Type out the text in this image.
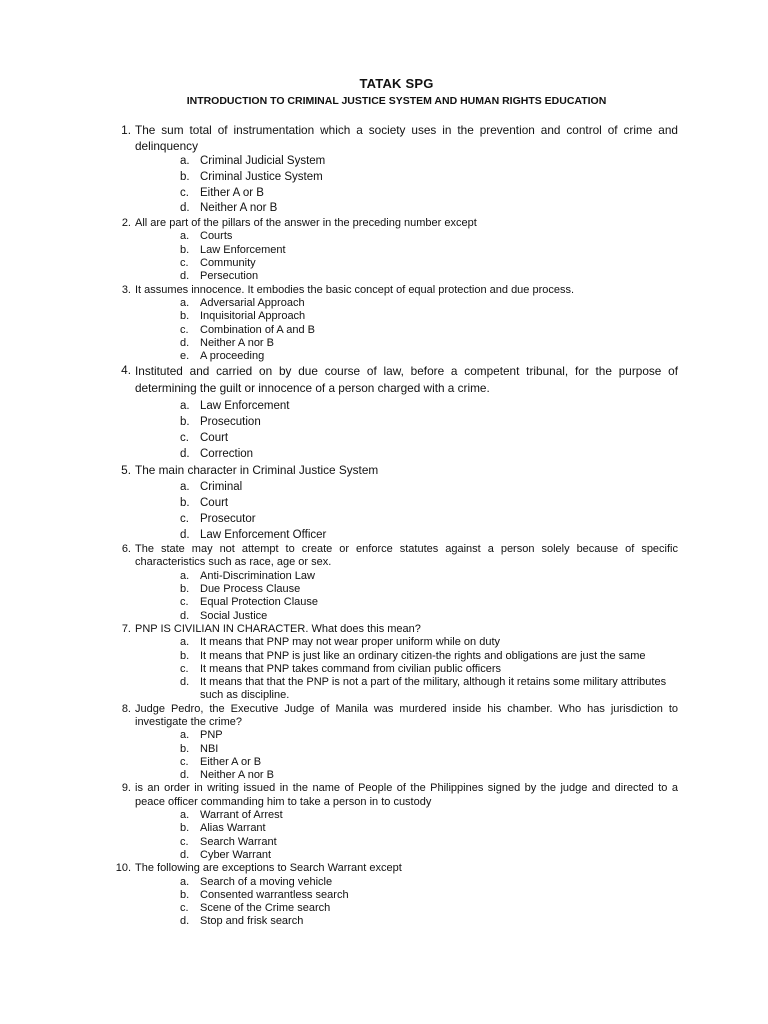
TATAK SPG
INTRODUCTION TO CRIMINAL JUSTICE SYSTEM AND HUMAN RIGHTS EDUCATION
1. The sum total of instrumentation which a society uses in the prevention and control of crime and delinquency
a. Criminal Judicial System
b. Criminal Justice System
c. Either A or B
d. Neither A nor B
2. All are part of the pillars of the answer in the preceding number except
a. Courts
b. Law Enforcement
c. Community
d. Persecution
3. It assumes innocence. It embodies the basic concept of equal protection and due process.
a. Adversarial Approach
b. Inquisitorial Approach
c. Combination of A and B
d. Neither A nor B
e. A proceeding
4. Instituted and carried on by due course of law, before a competent tribunal, for the purpose of determining the guilt or innocence of a person charged with a crime.
a. Law Enforcement
b. Prosecution
c. Court
d. Correction
5. The main character in Criminal Justice System
a. Criminal
b. Court
c. Prosecutor
d. Law Enforcement Officer
6. The state may not attempt to create or enforce statutes against a person solely because of specific characteristics such as race, age or sex.
a. Anti-Discrimination Law
b. Due Process Clause
c. Equal Protection Clause
d. Social Justice
7. PNP IS CIVILIAN IN CHARACTER. What does this mean?
a. It means that PNP may not wear proper uniform while on duty
b. It means that PNP is just like an ordinary citizen-the rights and obligations are just the same
c. It means that PNP takes command from civilian public officers
d. It means that that the PNP is not a part of the military, although it retains some military attributes such as discipline.
8. Judge Pedro, the Executive Judge of Manila was murdered inside his chamber. Who has jurisdiction to investigate the crime?
a. PNP
b. NBI
c. Either A or B
d. Neither A nor B
9. is an order in writing issued in the name of People of the Philippines signed by the judge and directed to a peace officer commanding him to take a person in to custody
a. Warrant of Arrest
b. Alias Warrant
c. Search Warrant
d. Cyber Warrant
10. The following are exceptions to Search Warrant except
a. Search of a moving vehicle
b. Consented warrantless search
c. Scene of the Crime search
d. Stop and frisk search
